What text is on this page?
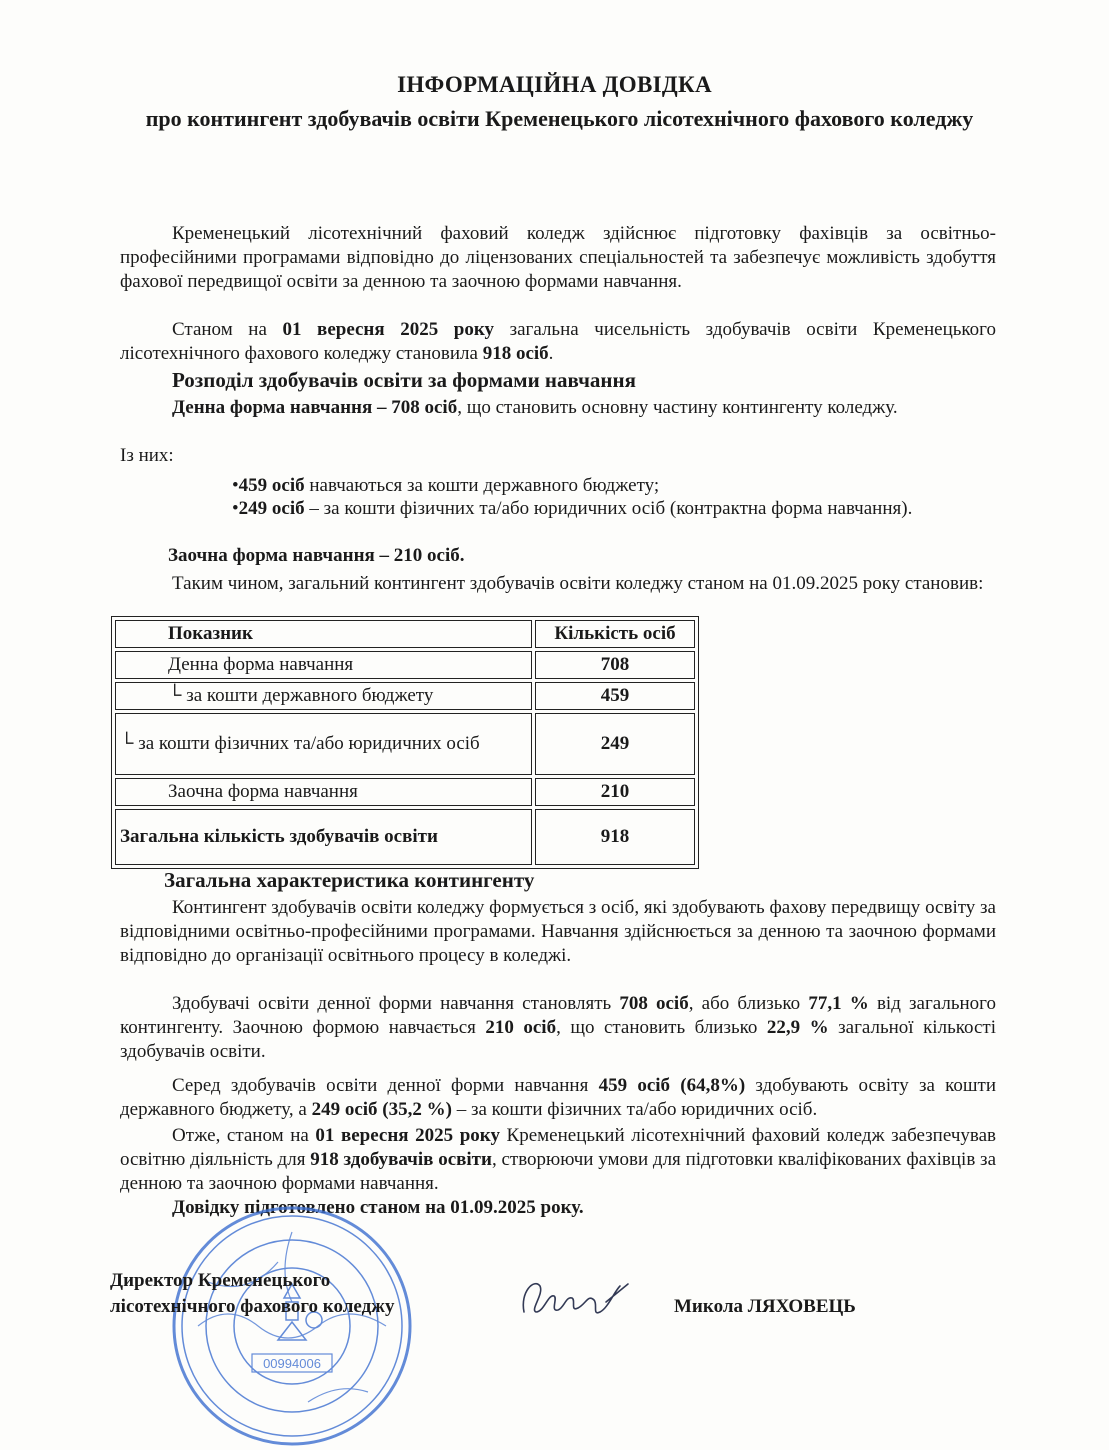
ІНФОРМАЦІЙНА ДОВІДКА
про контингент здобувачів освіти Кременецького лісотехнічного фахового коледжу
Кременецький лісотехнічний фаховий коледж здійснює підготовку фахівців за освітньо-професійними програмами відповідно до ліцензованих спеціальностей та забезпечує можливість здобуття фахової передвищої освіти за денною та заочною формами навчання.
Станом на 01 вересня 2025 року загальна чисельність здобувачів освіти Кременецького лісотехнічного фахового коледжу становила 918 осіб.
Розподіл здобувачів освіти за формами навчання
Денна форма навчання – 708 осіб, що становить основну частину контингенту коледжу.
Із них:
•459 осіб навчаються за кошти державного бюджету;
•249 осіб – за кошти фізичних та/або юридичних осіб (контрактна форма навчання).
Заочна форма навчання – 210 осіб.
Таким чином, загальний контингент здобувачів освіти коледжу станом на 01.09.2025 року становив:
Показник	Кількість осіб
Денна форма навчання	708
└ за кошти державного бюджету	459
└ за кошти фізичних та/або юридичних осіб	249
Заочна форма навчання	210
Загальна кількість здобувачів освіти	918
Загальна характеристика контингенту
Контингент здобувачів освіти коледжу формується з осіб, які здобувають фахову передвищу освіту за відповідними освітньо-професійними програмами. Навчання здійснюється за денною та заочною формами відповідно до організації освітнього процесу в коледжі.
Здобувачі освіти денної форми навчання становлять 708 осіб, або близько 77,1 % від загального контингенту. Заочною формою навчається 210 осіб, що становить близько 22,9 % загальної кількості здобувачів освіти.
Серед здобувачів освіти денної форми навчання 459 осіб (64,8%) здобувають освіту за кошти державного бюджету, а 249 осіб (35,2 %) – за кошти фізичних та/або юридичних осіб.
Отже, станом на 01 вересня 2025 року Кременецький лісотехнічний фаховий коледж забезпечував освітню діяльність для 918 здобувачів освіти, створюючи умови для підготовки кваліфікованих фахівців за денною та заочною формами навчання.
Довідку підготовлено станом на 01.09.2025 року.
00994006
Директор Кременецького
лісотехнічного фахового коледжу	Микола ЛЯХОВЕЦЬ
